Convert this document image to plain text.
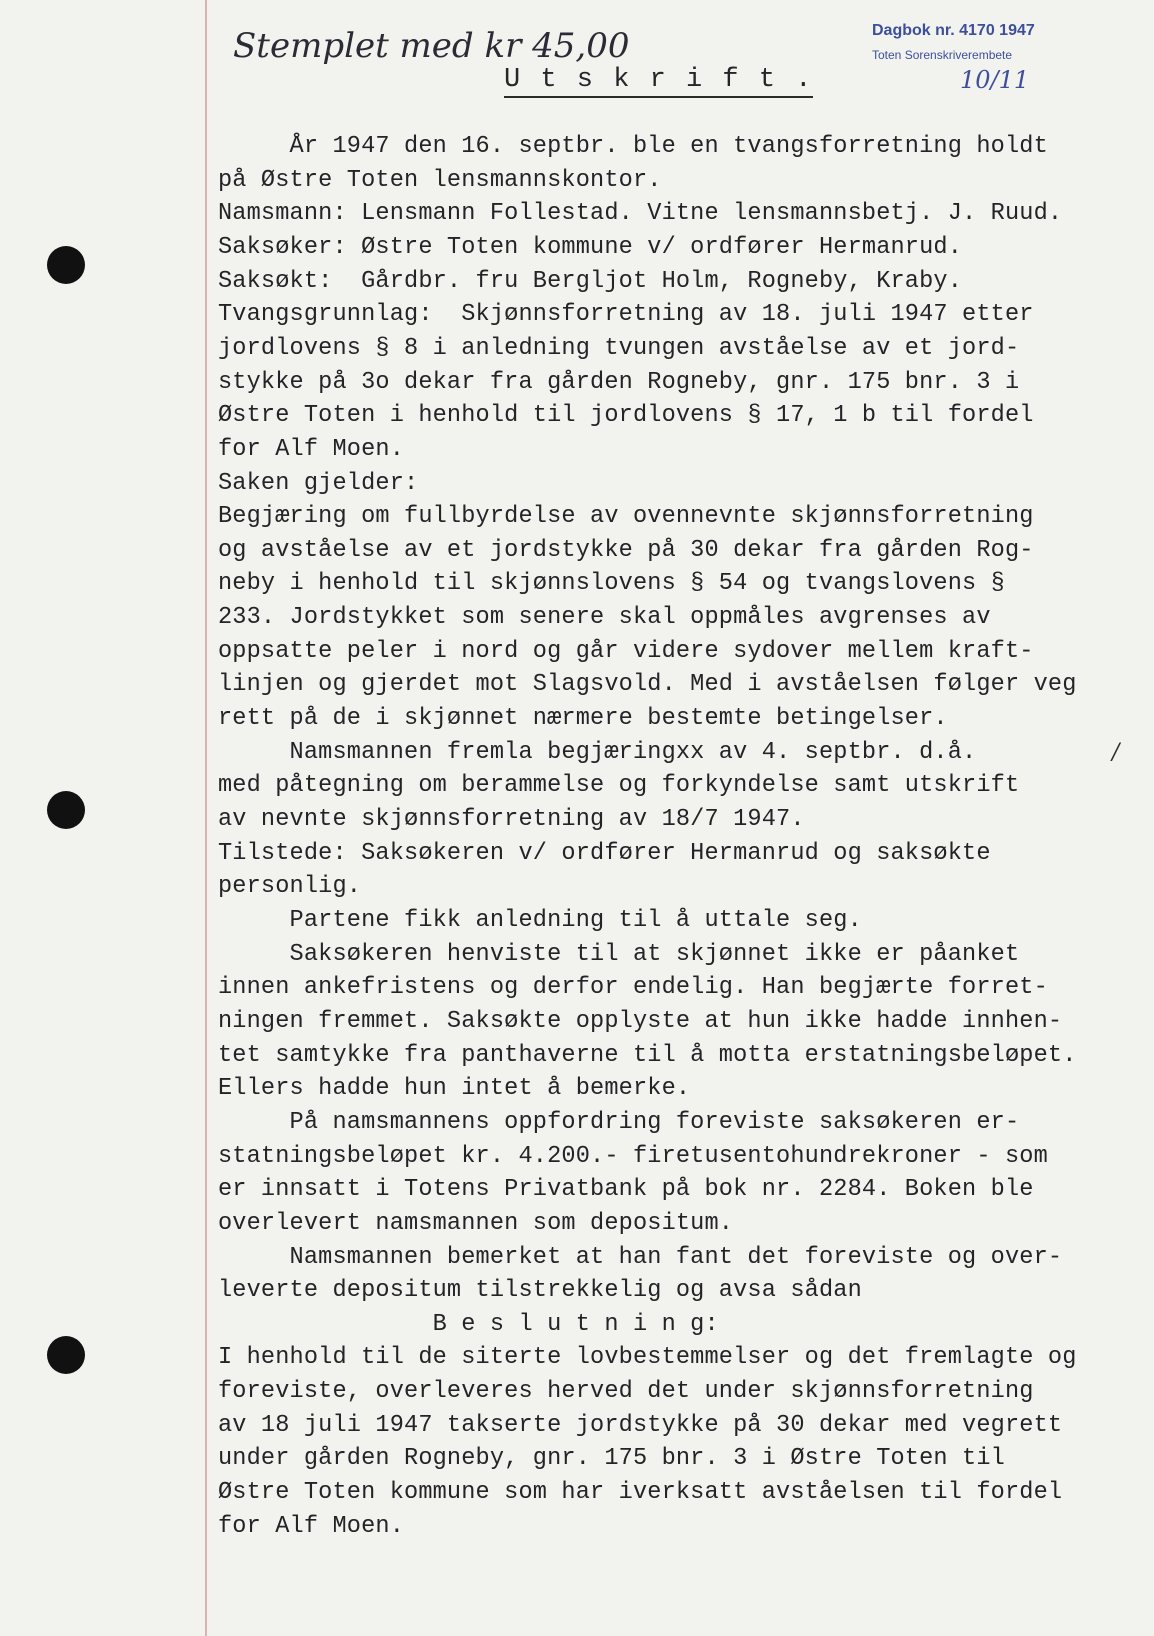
Stemplet med kr 45,00	Dagbok nr. 4170 1947
Toten Sorenskriverembete
10/11
U t s k r i f t .
År 1947 den 16. septbr. ble en tvangsforretning holdt
på Østre Toten lensmannskontor.
Namsmann: Lensmann Follestad. Vitne lensmannsbetj. J. Ruud.
Saksøker: Østre Toten kommune v/ ordfører Hermanrud.
Saksøkt:  Gårdbr. fru Bergljot Holm, Rogneby, Kraby.
Tvangsgrunnlag:  Skjønnsforretning av 18. juli 1947 etter
jordlovens § 8 i anledning tvungen avståelse av et jord-
stykke på 3o dekar fra gården Rogneby, gnr. 175 bnr. 3 i
Østre Toten i henhold til jordlovens § 17, 1 b til fordel
for Alf Moen.
Saken gjelder:
Begjæring om fullbyrdelse av ovennevnte skjønnsforretning
og avståelse av et jordstykke på 30 dekar fra gården Rog-
neby i henhold til skjønnslovens § 54 og tvangslovens §
233. Jordstykket som senere skal oppmåles avgrenses av
oppsatte peler i nord og går videre sydover mellem kraft-
linjen og gjerdet mot Slagsvold. Med i avståelsen følger veg
rett på de i skjønnet nærmere bestemte betingelser.
Namsmannen fremla begjæringxx av 4. septbr. d.å.
med påtegning om berammelse og forkyndelse samt utskrift
av nevnte skjønnsforretning av 18/7 1947.
Tilstede: Saksøkeren v/ ordfører Hermanrud og saksøkte
personlig.
Partene fikk anledning til å uttale seg.
Saksøkeren henviste til at skjønnet ikke er påanket
innen ankefristens og derfor endelig. Han begjærte forret-
ningen fremmet. Saksøkte opplyste at hun ikke hadde innhen-
tet samtykke fra panthaverne til å motta erstatningsbeløpet.
Ellers hadde hun intet å bemerke.
På namsmannens oppfordring foreviste saksøkeren er-
statningsbeløpet kr. 4.200.- firetusentohundrekroner - som
er innsatt i Totens Privatbank på bok nr. 2284. Boken ble
overlevert namsmannen som depositum.
Namsmannen bemerket at han fant det foreviste og over-
leverte depositum tilstrekkelig og avsa sådan
B e s l u t n i n g:
I henhold til de siterte lovbestemmelser og det fremlagte og
foreviste, overleveres herved det under skjønnsforretning
av 18 juli 1947 takserte jordstykke på 30 dekar med vegrett
under gården Rogneby, gnr. 175 bnr. 3 i Østre Toten til
Østre Toten kommune som har iverksatt avståelsen til fordel
for Alf Moen.
/
